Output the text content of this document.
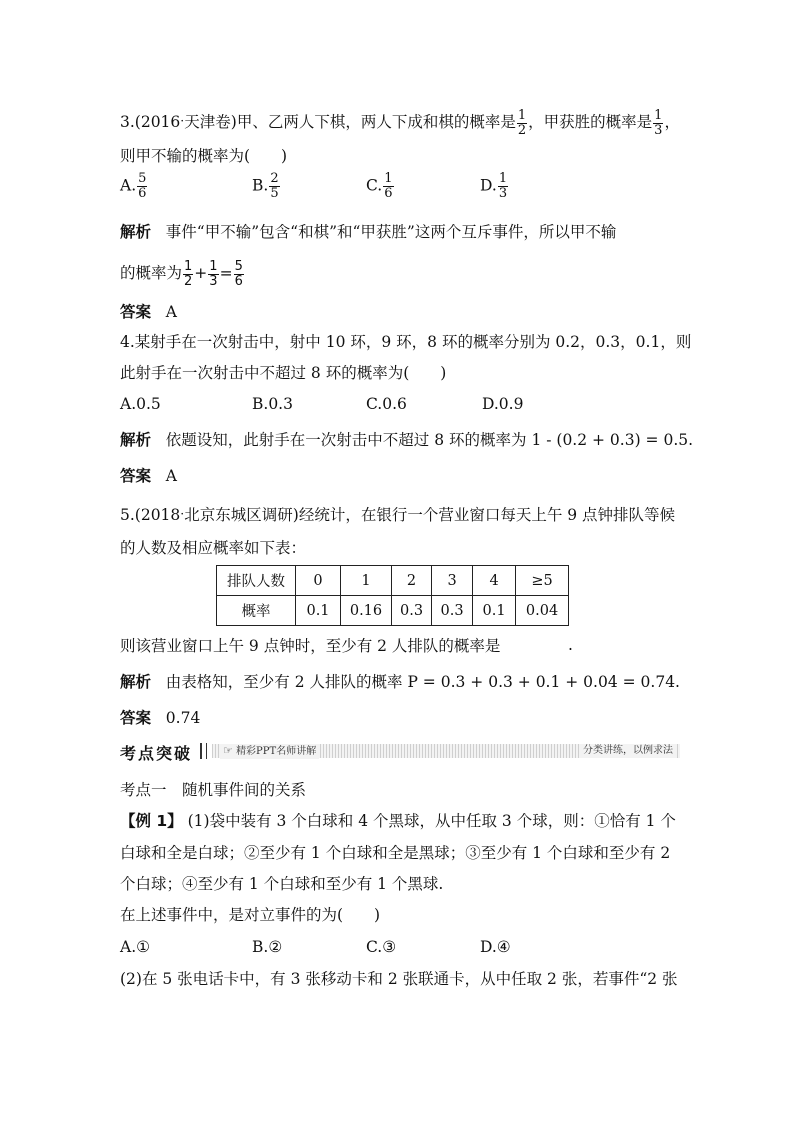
3.(2016·天津卷)甲、乙两人下棋，两人下成和棋的概率是 $\frac{1}{2}$ ，甲获胜的概率是 $\frac{1}{3}$ ，
则甲不输的概率为(　　)
A. $\frac{5}{6}$	B. $\frac{2}{5}$	C. $\frac{1}{6}$	D. $\frac{1}{3}$
解析 事件“甲不输”包含“和棋”和“甲获胜”这两个互斥事件，所以甲不输
的概率为 $\frac{1}{2} + \frac{1}{3} = \frac{5}{6}$
答案 A
4.某射手在一次射击中，射中 10 环，9 环，8 环的概率分别为 0.2，0.3，0.1，则
此射手在一次射击中不超过 8 环的概率为(　　)
A.0.5	B.0.3	C.0.6	D.0.9
解析 依题设知，此射手在一次射击中不超过 8 环的概率为 1 - (0.2 + 0.3) = 0.5.
答案 A
5.(2018·北京东城区调研)经统计，在银行一个营业窗口每天上午 9 点钟排队等候
的人数及相应概率如下表：
排队人数	0	1	2	3	4	≥5
概率	0.1	0.16	0.3	0.3	0.1	0.04
则该营业窗口上午 9 点钟时，至少有 2 人排队的概率是	.
解析 由表格知，至少有 2 人排队的概率 P = 0.3 + 0.3 + 0.1 + 0.04 = 0.74.
答案 0.74
考点突破	☞ 精彩PPT名师讲解	分类讲练，以例求法
考点一　随机事件间的关系
【例 1】 (1)袋中装有 3 个白球和 4 个黑球，从中任取 3 个球，则：①恰有 1 个
白球和全是白球；②至少有 1 个白球和全是黑球；③至少有 1 个白球和至少有 2
个白球；④至少有 1 个白球和至少有 1 个黑球.
在上述事件中，是对立事件的为(　　)
A.①	B.②	C.③	D.④
(2)在 5 张电话卡中，有 3 张移动卡和 2 张联通卡，从中任取 2 张，若事件“2 张
